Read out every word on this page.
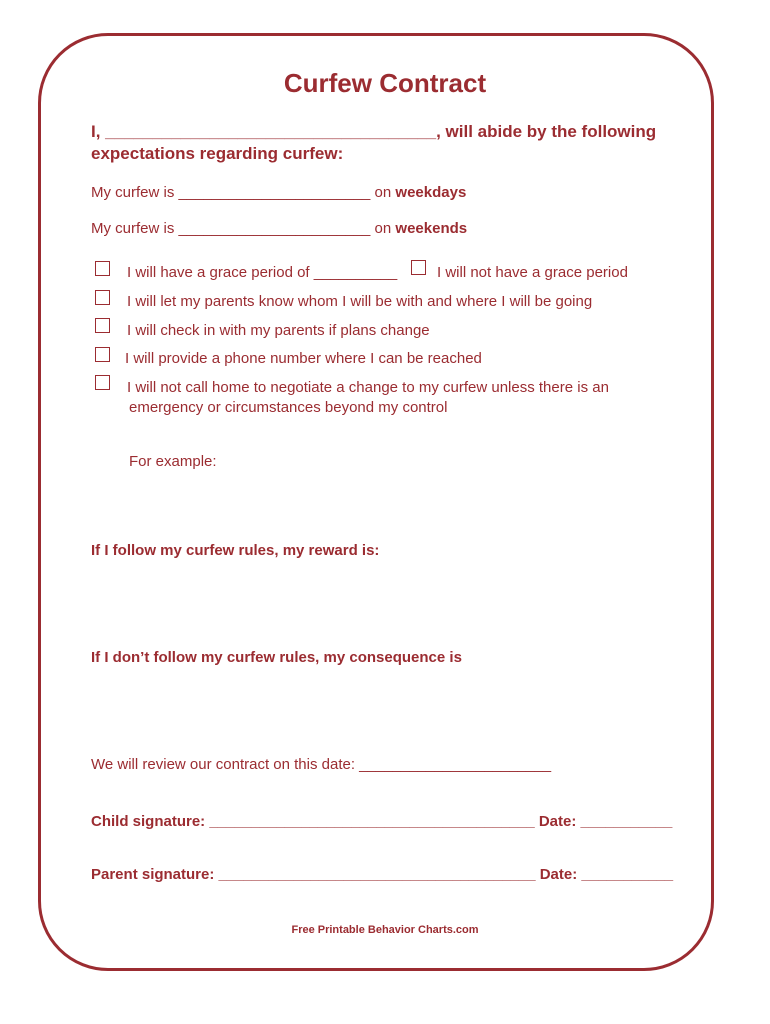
Curfew Contract
I, ___________________________________, will abide by the following
expectations regarding curfew:
My curfew is _______________________ on weekdays
My curfew is _______________________ on weekends
I will have a grace period of __________	I will not have a grace period
I will let my parents know whom I will be with and where I will be going
I will check in with my parents if plans change
I will provide a phone number where I can be reached
I will not call home to negotiate a change to my curfew unless there is an
emergency or circumstances beyond my control
For example:
If I follow my curfew rules, my reward is:
If I don’t follow my curfew rules, my consequence is
We will review our contract on this date: _______________________
Child signature: _______________________________________ Date: ___________
Parent signature: ______________________________________ Date: ___________
Free Printable Behavior Charts.com
